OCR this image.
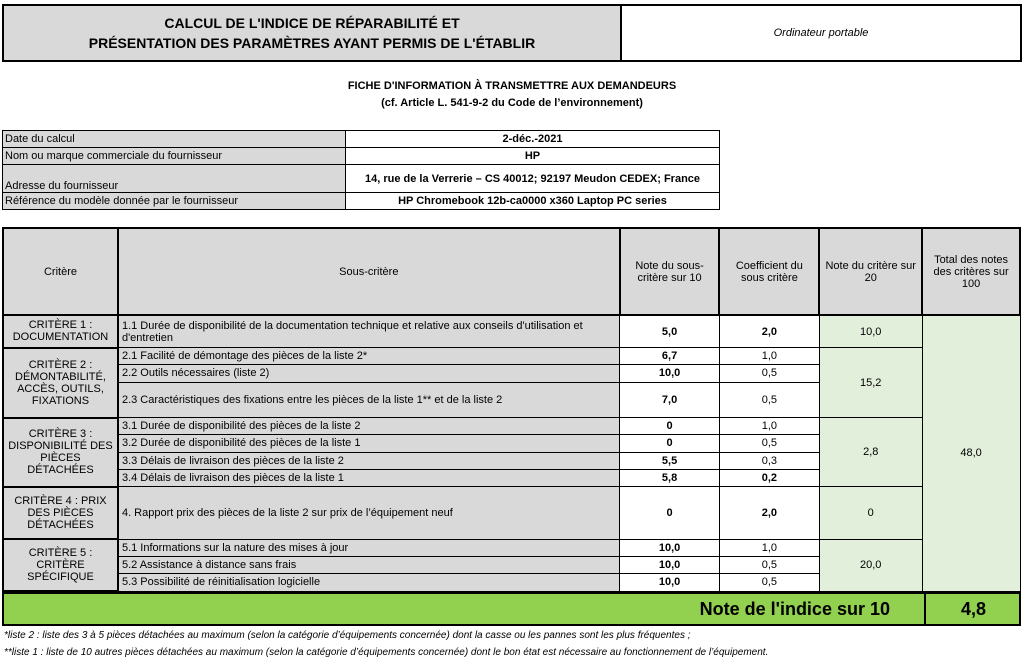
CALCUL DE L'INDICE DE RÉPARABILITÉ ET
PRÉSENTATION DES PARAMÈTRES AYANT PERMIS DE L'ÉTABLIR
Ordinateur portable
FICHE D'INFORMATION À TRANSMETTRE AUX DEMANDEURS
(cf. Article L. 541-9-2 du Code de l’environnement)
Date du calcul	2-déc.-2021
Nom ou marque commerciale du fournisseur	HP
Adresse du fournisseur	14, rue de la Verrerie – CS 40012; 92197 Meudon CEDEX; France
Référence du modèle donnée par le fournisseur	HP Chromebook 12b-ca0000 x360 Laptop PC series
Critère	Sous-critère	Note du sous-critère sur 10	Coefficient du sous critère	Note du critère sur 20	Total des notes des critères sur 100
CRITÈRE 1 : DOCUMENTATION	1.1 Durée de disponibilité de la documentation technique et relative aux conseils d'utilisation et d'entretien	5,0	2,0	10,0	48,0
CRITÈRE 2 : DÉMONTABILITÉ, ACCÈS, OUTILS, FIXATIONS	2.1 Facilité de démontage des pièces de la liste 2*	6,7	1,0	15,2	
	2.2 Outils nécessaires (liste 2)	10,0	0,5		
	2.3 Caractéristiques des fixations entre les pièces de la liste 1** et de la liste 2	7,0	0,5		
CRITÈRE 3 : DISPONIBILITÉ DES PIÈCES DÉTACHÉES	3.1 Durée de disponibilité des pièces de la liste 2	0	1,0	2,8	
	3.2 Durée de disponibilité des pièces de la liste 1	0	0,5		
	3.3 Délais de livraison des pièces de la liste 2	5,5	0,3		
	3.4 Délais de livraison des pièces de la liste 1	5,8	0,2		
CRITÈRE 4 : PRIX DES PIÈCES DÉTACHÉES	4. Rapport prix des pièces de la liste 2 sur prix de l’équipement neuf	0	2,0	0	
CRITÈRE 5 : CRITÈRE SPÉCIFIQUE	5.1 Informations sur la nature des mises à jour	10,0	1,0	20,0	
	5.2 Assistance à distance sans frais	10,0	0,5		
	5.3 Possibilité de réinitialisation logicielle	10,0	0,5		
Note de l'indice sur 10	4,8
*liste 2 : liste des 3 à 5 pièces détachées au maximum (selon la catégorie d’équipements concernée) dont la casse ou les pannes sont les plus fréquentes ;
**liste 1 : liste de 10 autres pièces détachées au maximum (selon la catégorie d’équipements concernée) dont le bon état est nécessaire au fonctionnement de l’équipement.
